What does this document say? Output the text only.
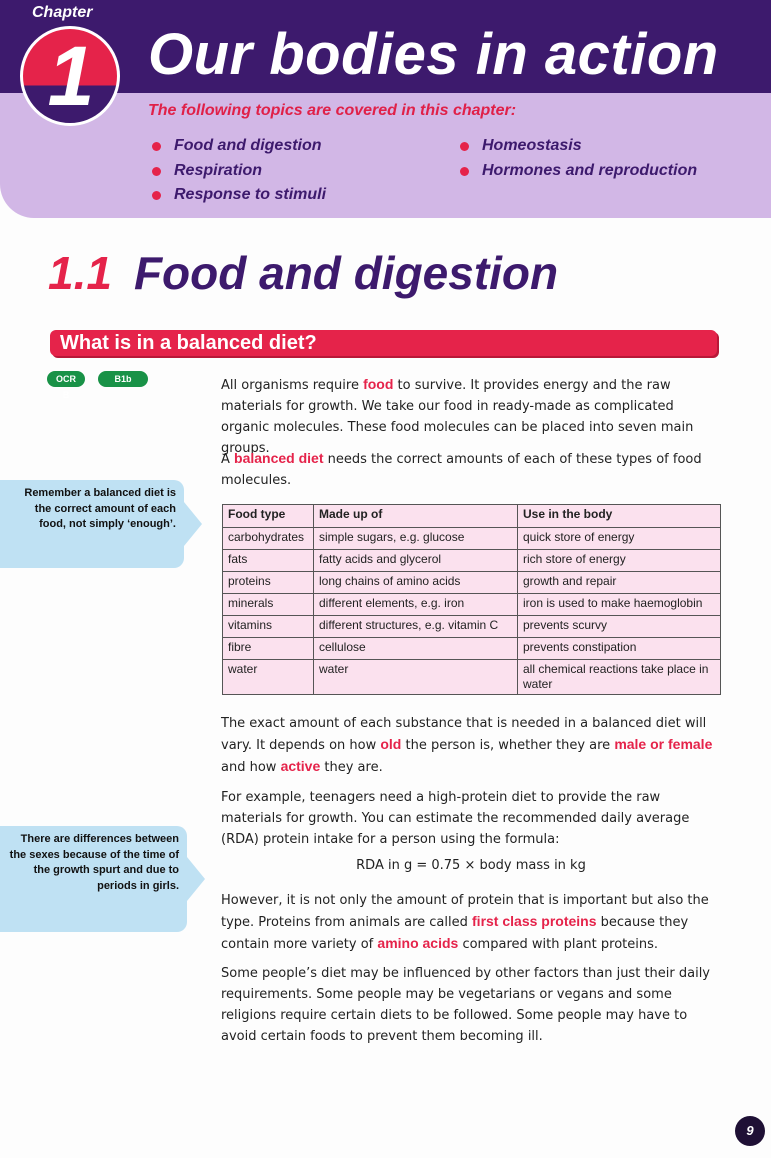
Chapter
1 Our bodies in action
The following topics are covered in this chapter:
Food and digestion
Respiration
Response to stimuli
Homeostasis
Hormones and reproduction
1.1 Food and digestion
What is in a balanced diet?
OCR B
B1b	All organisms require food to survive. It provides energy and the raw materials for growth. We take our food in ready-made as complicated organic molecules. These food molecules can be placed into seven main groups.

A balanced diet needs the correct amounts of each of these types of food molecules.

Remember a balanced diet is the correct amount of each food, not simply ‘enough’.
Food type	Made up of	Use in the body
carbohydrates	simple sugars, e.g. glucose	quick store of energy
fats	fatty acids and glycerol	rich store of energy
proteins	long chains of amino acids	growth and repair
minerals	different elements, e.g. iron	iron is used to make haemoglobin
vitamins	different structures, e.g. vitamin C	prevents scurvy
fibre	cellulose	prevents constipation
water	water	all chemical reactions take place in water

The exact amount of each substance that is needed in a balanced diet will vary. It depends on how old the person is, whether they are male or female and how active they are.

For example, teenagers need a high-protein diet to provide the raw materials for growth. You can estimate the recommended daily average (RDA) protein intake for a person using the formula:

RDA in g = 0.75 × body mass in kg
There are differences between the sexes because of the time of the growth spurt and due to periods in girls.

However, it is not only the amount of protein that is important but also the type. Proteins from animals are called first class proteins because they contain more variety of amino acids compared with plant proteins.

Some people’s diet may be influenced by other factors than just their daily requirements. Some people may be vegetarians or vegans and some religions require certain diets to be followed. Some people may have to avoid certain foods to prevent them becoming ill.

9
